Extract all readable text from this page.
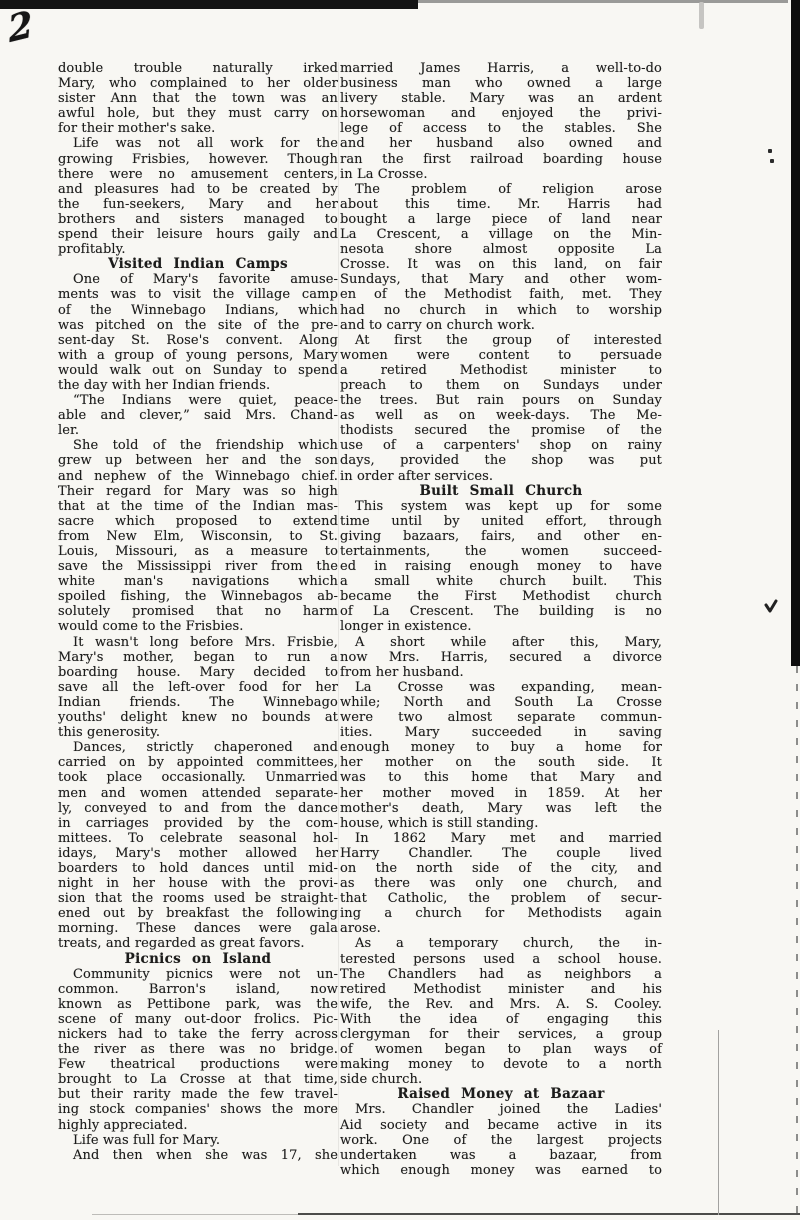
2
double trouble naturally irked
Mary, who complained to her older
sister Ann that the town was an
awful hole, but they must carry on
for their mother's sake.
Life was not all work for the
growing Frisbies, however. Though
there were no amusement centers,
and pleasures had to be created by
the fun-seekers, Mary and her
brothers and sisters managed to
spend their leisure hours gaily and
profitably.
Visited Indian Camps
One of Mary's favorite amuse-
ments was to visit the village camp
of the Winnebago Indians, which
was pitched on the site of the pre-
sent-day St. Rose's convent. Along
with a group of young persons, Mary
would walk out on Sunday to spend
the day with her Indian friends.
“The Indians were quiet, peace-
able and clever,” said Mrs. Chand-
ler.
She told of the friendship which
grew up between her and the son
and nephew of the Winnebago chief.
Their regard for Mary was so high
that at the time of the Indian mas-
sacre which proposed to extend
from New Elm, Wisconsin, to St.
Louis, Missouri, as a measure to
save the Mississippi river from the
white man's navigations which
spoiled fishing, the Winnebagos ab-
solutely promised that no harm
would come to the Frisbies.
It wasn't long before Mrs. Frisbie,
Mary's mother, began to run a
boarding house. Mary decided to
save all the left-over food for her
Indian friends. The Winnebago
youths' delight knew no bounds at
this generosity.
Dances, strictly chaperoned and
carried on by appointed committees,
took place occasionally. Unmarried
men and women attended separate-
ly, conveyed to and from the dance
in carriages provided by the com-
mittees. To celebrate seasonal hol-
idays, Mary's mother allowed her
boarders to hold dances until mid-
night in her house with the provi-
sion that the rooms used be straight-
ened out by breakfast the following
morning. These dances were gala
treats, and regarded as great favors.
Picnics on Island
Community picnics were not un-
common. Barron's island, now
known as Pettibone park, was the
scene of many out-door frolics. Pic-
nickers had to take the ferry across
the river as there was no bridge.
Few theatrical productions were
brought to La Crosse at that time,
but their rarity made the few travel-
ing stock companies' shows the more
highly appreciated.
Life was full for Mary.
And then when she was 17, she
married James Harris, a well-to-do
business man who owned a large
livery stable. Mary was an ardent
horsewoman and enjoyed the privi-
lege of access to the stables. She
and her husband also owned and
ran the first railroad boarding house
in La Crosse.
The problem of religion arose
about this time. Mr. Harris had
bought a large piece of land near
La Crescent, a village on the Min-
nesota shore almost opposite La
Crosse. It was on this land, on fair
Sundays, that Mary and other wom-
en of the Methodist faith, met. They
had no church in which to worship
and to carry on church work.
At first the group of interested
women were content to persuade
a retired Methodist minister to
preach to them on Sundays under
the trees. But rain pours on Sunday
as well as on week-days. The Me-
thodists secured the promise of the
use of a carpenters' shop on rainy
days, provided the shop was put
in order after services.
Built Small Church
This system was kept up for some
time until by united effort, through
giving bazaars, fairs, and other en-
tertainments, the women succeed-
ed in raising enough money to have
a small white church built. This
became the First Methodist church
of La Crescent. The building is no
longer in existence.
A short while after this, Mary,
now Mrs. Harris, secured a divorce
from her husband.
La Crosse was expanding, mean-
while; North and South La Crosse
were two almost separate commun-
ities. Mary succeeded in saving
enough money to buy a home for
her mother on the south side. It
was to this home that Mary and
her mother moved in 1859. At her
mother's death, Mary was left the
house, which is still standing.
In 1862 Mary met and married
Harry Chandler. The couple lived
on the north side of the city, and
as there was only one church, and
that Catholic, the problem of secur-
ing a church for Methodists again
arose.
As a temporary church, the in-
terested persons used a school house.
The Chandlers had as neighbors a
retired Methodist minister and his
wife, the Rev. and Mrs. A. S. Cooley.
With the idea of engaging this
clergyman for their services, a group
of women began to plan ways of
making money to devote to a north
side church.
Raised Money at Bazaar
Mrs. Chandler joined the Ladies'
Aid society and became active in its
work. One of the largest projects
undertaken was a bazaar, from
which enough money was earned to
